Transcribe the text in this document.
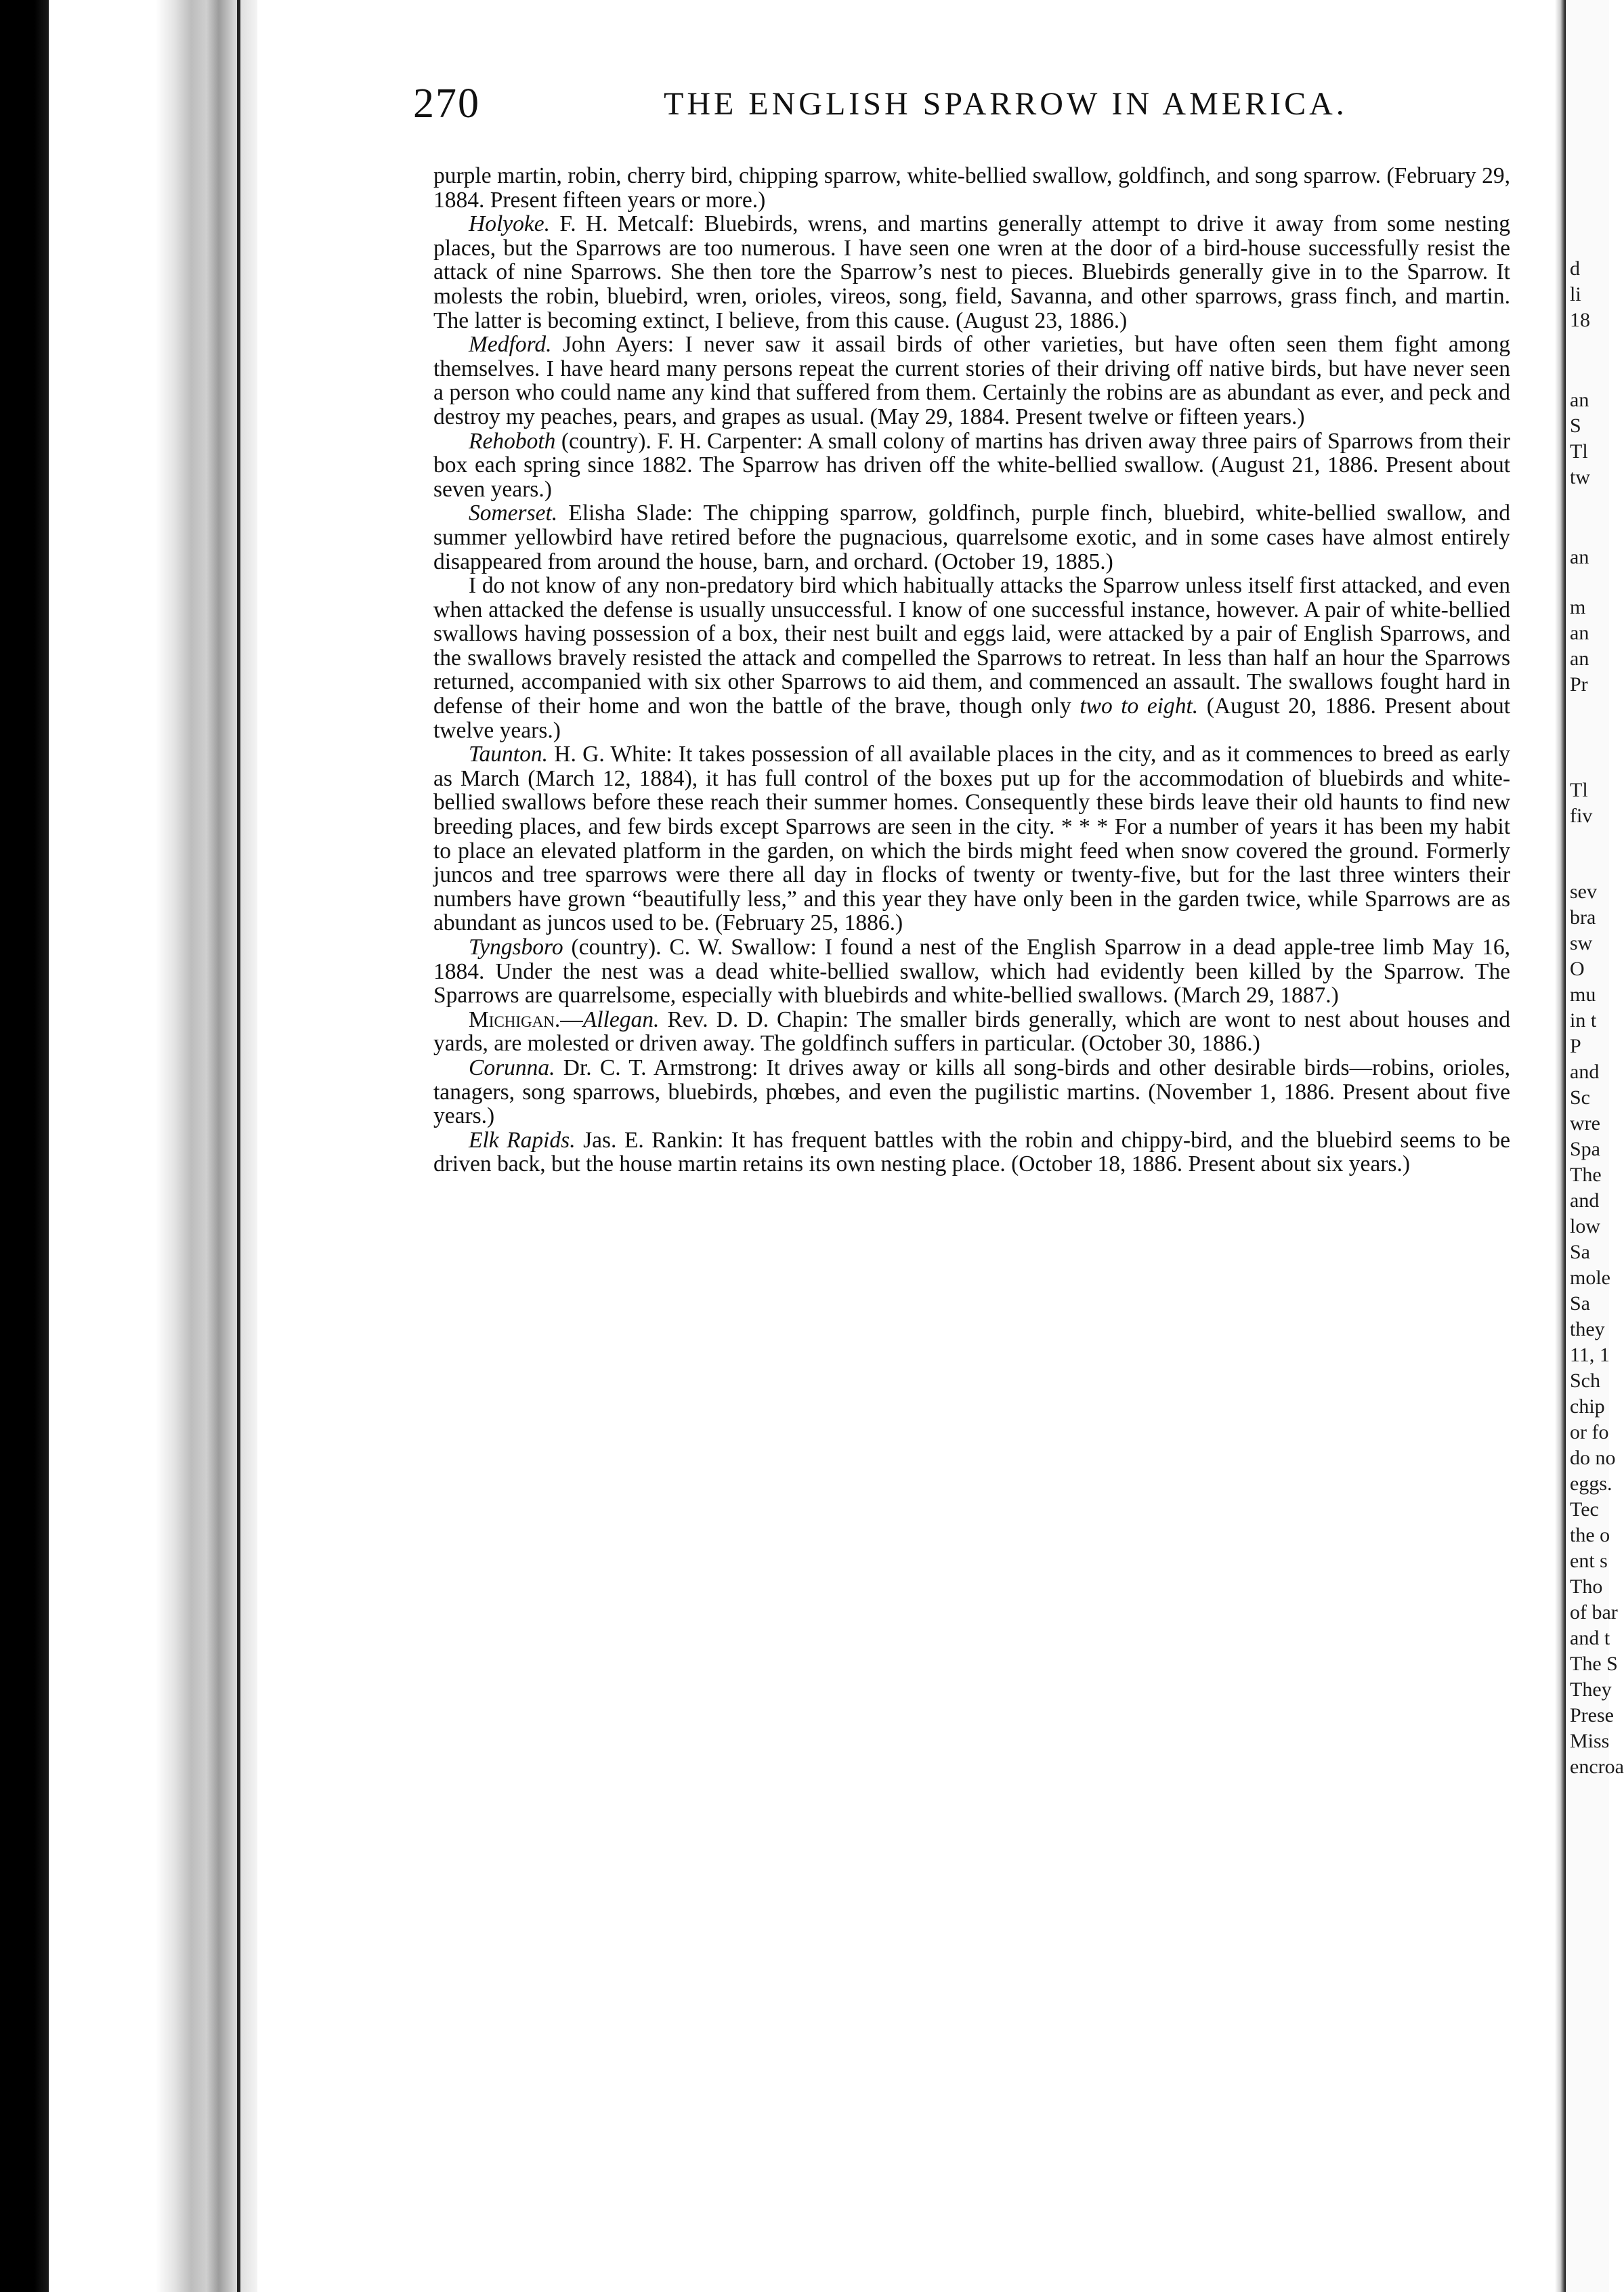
270	THE ENGLISH SPARROW IN AMERICA.

purple martin, robin, cherry bird, chipping sparrow, white-bellied swallow, goldfinch, and song sparrow. (February 29, 1884. Present fifteen years or more.)

Holyoke. F. H. Metcalf: Bluebirds, wrens, and martins generally attempt to drive it away from some nesting places, but the Sparrows are too numerous. I have seen one wren at the door of a bird-house successfully resist the attack of nine Sparrows. She then tore the Sparrow’s nest to pieces. Bluebirds generally give in to the Sparrow. It molests the robin, bluebird, wren, orioles, vireos, song, field, Savanna, and other sparrows, grass finch, and martin. The latter is becoming extinct, I believe, from this cause. (August 23, 1886.)

Medford. John Ayers: I never saw it assail birds of other varieties, but have often seen them fight among themselves. I have heard many persons repeat the current stories of their driving off native birds, but have never seen a person who could name any kind that suffered from them. Certainly the robins are as abundant as ever, and peck and destroy my peaches, pears, and grapes as usual. (May 29, 1884. Present twelve or fifteen years.)

Rehoboth (country). F. H. Carpenter: A small colony of martins has driven away three pairs of Sparrows from their box each spring since 1882. The Sparrow has driven off the white-bellied swallow. (August 21, 1886. Present about seven years.)

Somerset. Elisha Slade: The chipping sparrow, goldfinch, purple finch, bluebird, white-bellied swallow, and summer yellowbird have retired before the pugnacious, quarrelsome exotic, and in some cases have almost entirely disappeared from around the house, barn, and orchard. (October 19, 1885.)

I do not know of any non-predatory bird which habitually attacks the Sparrow unless itself first attacked, and even when attacked the defense is usually unsuccessful. I know of one successful instance, however. A pair of white-bellied swallows having possession of a box, their nest built and eggs laid, were attacked by a pair of English Sparrows, and the swallows bravely resisted the attack and compelled the Sparrows to retreat. In less than half an hour the Sparrows returned, accompanied with six other Sparrows to aid them, and commenced an assault. The swallows fought hard in defense of their home and won the battle of the brave, though only two to eight. (August 20, 1886. Present about twelve years.)

Taunton. H. G. White: It takes possession of all available places in the city, and as it commences to breed as early as March (March 12, 1884), it has full control of the boxes put up for the accommodation of bluebirds and white-bellied swallows before these reach their summer homes. Consequently these birds leave their old haunts to find new breeding places, and few birds except Sparrows are seen in the city. * * * For a number of years it has been my habit to place an elevated platform in the garden, on which the birds might feed when snow covered the ground. Formerly juncos and tree sparrows were there all day in flocks of twenty or twenty-five, but for the last three winters their numbers have grown “beautifully less,” and this year they have only been in the garden twice, while Sparrows are as abundant as juncos used to be. (February 25, 1886.)

Tyngsboro (country). C. W. Swallow: I found a nest of the English Sparrow in a dead apple-tree limb May 16, 1884. Under the nest was a dead white-bellied swallow, which had evidently been killed by the Sparrow. The Sparrows are quarrelsome, especially with bluebirds and white-bellied swallows. (March 29, 1887.)

Michigan.—Allegan. Rev. D. D. Chapin: The smaller birds generally, which are wont to nest about houses and yards, are molested or driven away. The goldfinch suffers in particular. (October 30, 1886.)

Corunna. Dr. C. T. Armstrong: It drives away or kills all song-birds and other desirable birds—robins, orioles, tanagers, song sparrows, bluebirds, phœbes, and even the pugilistic martins. (November 1, 1886. Present about five years.)

Elk Rapids. Jas. E. Rankin: It has frequent battles with the robin and chippy-bird, and the bluebird seems to be driven back, but the house martin retains its own nesting place. (October 18, 1886. Present about six years.)

d
li
18
an
S
Tl
tw
an
m
an
an
Pr
Tl
fiv
sev
bra
sw
O
mu
in t
P
and
Sc
wre
Spa
The
and
low
Sa
mole
Sa
they
11, 1
Sch
chip
or fo
do no
eggs.
Tec
the o
ent s
Tho
of bar
and t
The S
They
Prese
Miss
encroa
